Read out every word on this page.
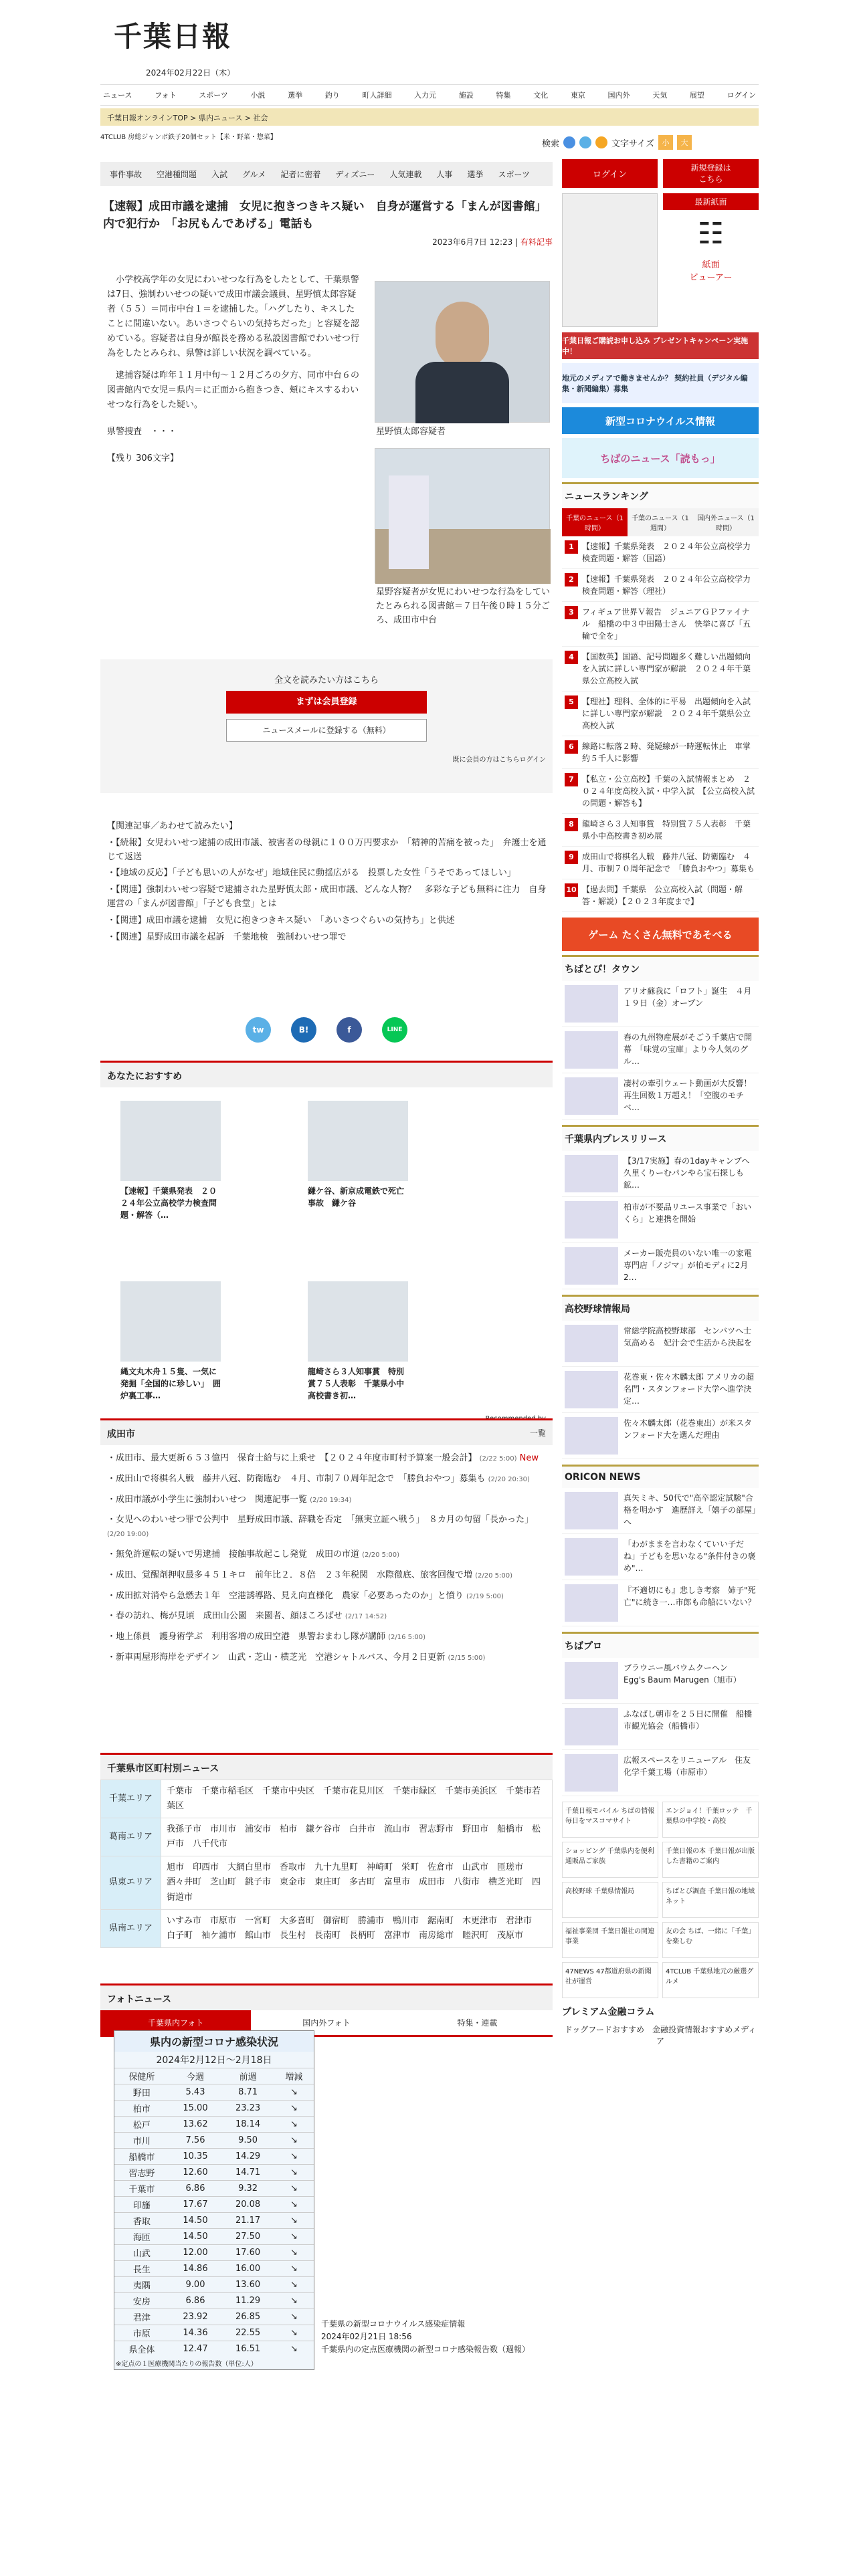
千葉日報
2024年02月22日（木）
ニュース	フォト	スポーツ	小説	選挙	釣り	町人詳細	入力元	施設	特集	文化	東京	国内外	天気	展望	ログイン
千葉日報オンラインTOP > 県内ニュース > 社会
4TCLUB 房総ジャンボ鉄子20個セット【米・野菜・惣菜】
検索	文字サイズ	小	大
事件事故	空港種問題	入試	グルメ	記者に密着	ディズニー	人気連載	人事	選挙	スポーツ
【速報】成田市議を逮捕　女児に抱きつきキス疑い　自身が運営する「まんが図書館」内で犯行か　「お尻もんであげる」電話も
2023年6月7日 12:23 | 有料記事

小学校高学年の女児にわいせつな行為をしたとして、千葉県警は7日、強制わいせつの疑いで成田市議会議員、星野慎太郎容疑者（５５）＝同市中台１＝を逮捕した。「ハグしたり、キスしたことに間違いない。あいさつぐらいの気持ちだった」と容疑を認めている。容疑者は自身が館長を務める私設図書館でわいせつ行為をしたとみられ、県警は詳しい状況を調べている。

逮捕容疑は昨年１１月中旬～１２月ごろの夕方、同市中台６の図書館内で女児＝県内＝に正面から抱きつき、頬にキスするわいせつな行為をした疑い。

県警捜査　・・・

【残り 306文字】

星野慎太郎容疑者
星野容疑者が女児にわいせつな行為をしていたとみられる図書館＝７日午後０時１５分ごろ、成田市中台
全文を読みたい方はこちら
まずは会員登録
ニュースメールに登録する（無料）
既に会員の方はこちらログイン
【関連記事／あわせて読みたい】
・【続報】女児わいせつ逮捕の成田市議、被害者の母親に１００万円要求か　「精神的苦痛を被った」　弁護士を通じて返送
・【地域の反応】「子ども思いの人がなぜ」地域住民に動揺広がる　投票した女性「うそであってほしい」
・【関連】強制わいせつ容疑で逮捕された星野慎太郎・成田市議、どんな人物？　多彩な子ども無料に注力　自身運営の「まんが図書館」「子ども食堂」とは
・【関連】成田市議を逮捕　女児に抱きつきキス疑い　「あいさつぐらいの気持ち」と供述
・【関連】星野成田市議を起訴　千葉地検　強制わいせつ罪で
tw	B!	f	LINE
あなたにおすすめ
【速報】千葉県発表　２０２４年公立高校学力検査問題・解答（…
鎌ケ谷、新京成電鉄で死亡事故　鎌ケ谷
縄文丸木舟１５隻、一気に発掘「全国的に珍しい」　囲炉裏工事…
龍崎さら３人知事賞　特別賞７５人表彰　千葉県小中高校書き初…
成田市	一覧
・成田市、最大更新６５３億円　保育士給与に上乗せ　【２０２４年度市町村予算案一般会計】 (2/22 5:00) New
・成田山で将棋名人戦　藤井八冠、防衛臨む　４月、市制７０周年記念で　「勝負おやつ」募集も (2/20 20:30)
・成田市議が小学生に強制わいせつ　関連記事一覧 (2/20 19:34)
・女児へのわいせつ罪で公判中　星野成田市議、辞職を否定　「無実立証へ戦う」　８カ月の句留「長かった」 (2/20 19:00)
・無免許運転の疑いで男逮捕　接触事故起こし発覚　成田の市道 (2/20 5:00)
・成田、覚醒剤押収最多４５１キロ　前年比２．８倍　２３年税関　水際徹底、旅客回復で増 (2/20 5:00)
・成田拡対消やら急燃去１年　空港誘導路、見え向直様化　農家「必要あったのか」と憤り (2/19 5:00)
・春の訪れ、梅が見頃　成田山公園　来園者、顔ほころばせ (2/17 14:52)
・地上係員　護身術学ぶ　利用客増の成田空港　県警おまわし隊が講師 (2/16 5:00)
・新車両屋形海岸をデザイン　山武・芝山・横芝光　空港シャトルバス、今月２日更新 (2/15 5:00)
千葉県市区町村別ニュース
千葉エリア	千葉市　千葉市稲毛区　千葉市中央区　千葉市花見川区　千葉市緑区　千葉市美浜区　千葉市若葉区
葛南エリア	我孫子市　市川市　浦安市　柏市　鎌ケ谷市　白井市　流山市　習志野市　野田市　船橋市　松戸市　八千代市
県東エリア	旭市　印西市　大網白里市　香取市　九十九里町　神崎町　栄町　佐倉市　山武市　匝瑳市　酒々井町　芝山町　銚子市　東金市　東庄町　多古町　富里市　成田市　八街市　横芝光町　四街道市
県南エリア	いすみ市　市原市　一宮町　大多喜町　御宿町　勝浦市　鴨川市　鋸南町　木更津市　君津市　白子町　袖ケ浦市　館山市　長生村　長南町　長柄町　富津市　南房総市　睦沢町　茂原市
フォトニュース
千葉県内フォト	国内外フォト	特集・連載
県内の新型コロナ感染状況
2024年2月12日〜2月18日
保健所	今週	前週	増減
野田	5.43	8.71	↘
柏市	15.00	23.23	↘
松戸	13.62	18.14	↘
市川	7.56	9.50	↘
船橋市	10.35	14.29	↘
習志野	12.60	14.71	↘
千葉市	6.86	9.32	↘
印旛	17.67	20.08	↘
香取	14.50	21.17	↘
海匝	14.50	27.50	↘
山武	12.00	17.60	↘
長生	14.86	16.00	↘
夷隅	9.00	13.60	↘
安房	6.86	11.29	↘
君津	23.92	26.85	↘
市原	14.36	22.55	↘
県全体	12.47	16.51	↘
※定点の１医療機関当たりの報告数（単位:人）
千葉県の新型コロナウイルス感染症情報
2024年02月21日 18:56
千葉県内の定点医療機関の新型コロナ感染報告数（週報）
ログイン
新規登録は
こちら
最新紙面
☷
紙面
ビューアー
千葉日報ご購読お申し込み プレゼントキャンペーン実施中！
地元のメディアで働きませんか？ 契約社員（デジタル編集・新聞編集）募集
新型コロナウイルス情報
ちばのニュース「読もっ」
ニュースランキング
千葉のニュース（1時間）
千葉のニュース（1週間）
国内外ニュース（1時間）
1	【速報】千葉県発表　２０２４年公立高校学力検査問題・解答（国語）
2	【速報】千葉県発表　２０２４年公立高校学力検査問題・解答（理社）
3	フィギュア世界Ｖ報告　ジュニアＧＰファイナル　船橋の中３中田陽士さん　快挙に喜び「五輪で全を」
4	【国数英】国語、記号問題多く難しい出題傾向を入試に詳しい専門家が解説　２０２４年千葉県公立高校入試
5	【理社】理科、全体的に平易　出題傾向を入試に詳しい専門家が解説　２０２４年千葉県公立高校入試
6	線路に転落２時、発疑線が一時運転休止　車掌約５千人に影響
7	【私立・公立高校】千葉の入試情報まとめ　２０２４年度高校入試・中学入試　【公立高校入試の問題・解答も】
8	龍崎さら３人知事賞　特別賞７５人表彰　千葉県小中高校書き初め展
9	成田山で将棋名人戦　藤井八冠、防衛臨む　４月、市制７０周年記念で　「勝負おやつ」募集も
10 【過去問】千葉県　公立高校入試（問題・解答・解説）【２０２３年度まで】
ゲーム たくさん無料であそべる
ちばとぴ！タウン
アリオ蘇我に「ロフト」誕生　４月１９日（金）オープン
春の九州物産展がそごう千葉店で開幕　「味覚の宝庫」より今人気のグル…
凄村の牽引ウェート動画が大反響！再生回数１万超え！「空腹のモチベ…
千葉県内プレスリリース
【3/17実施】春の1dayキャンプへ久里くりーむパンやら宝石探しも鉱…
柏市が不要品リユース事業で「おいくら」と連携を開始
メーカー販売員のいない唯一の家電専門店「ノジマ」が柏モディに2月2…
高校野球情報局
常総学院高校野球部　センバツへ士気高める　妃汁会で生活から決起を
花巻東・佐々木麟太郎 アメリカの超名門・スタンフォード大学へ進学決定…
佐々木麟太郎（花巻東出）が米スタンフォード大を選んだ理由
ORICON NEWS
真矢ミキ、50代で"高卒認定試験"合格を明かす　進歴詳え「嬉子の部屋」へ
「わがままを言わなくていい子だね」子どもを思いなる"条件付きの褒め"…
『不適切にも』悲しき考察　姉子"死亡"に続き一…市郎も命船にいない？
ちばプロ
ブラウニー風バウムクーヘン　Egg's Baum Marugen（旭市）
ふなばし朝市を２５日に開催　船橋市観光協会（船橋市）
広報スペースをリニューアル　住友化学千葉工場（市原市）
千葉日報モバイル ちばの情報　毎日をマスコマサイト
エンジョイ！千葉ロッテ　千葉県の中学校・高校
ショッピング 千葉県内を便利通販品ご家族
千葉日報の本 千葉日報が出版した書籍のご案内
高校野球 千葉県情報局	ちばとぴ調査 千葉日報の地域ネット
福祉事業団 千葉日報社の関連事業
友の会 ちば、一緒に「千葉」を楽しむ
47NEWS 47都道府県の新聞社が運営
4TCLUB 千葉県地元の厳選グルメ
プレミアム金融コラム
ドッグフードおすすめ　金融投資情報おすすめメディア
